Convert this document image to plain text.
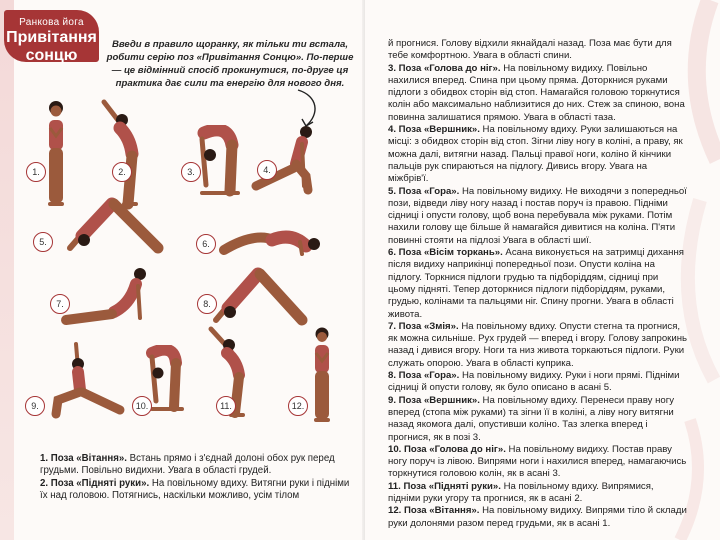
Ранкова йога
Привітання
сонцю
Введи в правило щоранку, як тільки ти встала, робити серію поз «Привітання Сонцю». По-перше — це відмінний спосіб прокинутися, по-друге ця практика дає сили та енергію для нового дня.
1.	2.	3.	4.
5.	6.
7.	8.
9.	10.	11.	12.

1. Поза «Вітання». Встань прямо і з'єднай долоні обох рук перед грудьми. Повільно видихни. Увага в області грудей.

2. Поза «Підняті руки». На повільному вдиху. Витягни руки і підніми їх над головою. Потягнись, наскільки можливо, усім тілом

й прогнися. Голову відхили якнайдалі назад. Поза має бути для тебе комфортною. Увага в області спини.

3. Поза «Голова до ніг». На повільному видиху. Повільно нахилися вперед. Спина при цьому пряма. Доторкнися руками підлоги з обидвох сторін від стоп. Намагайся головою торкнутися колін або максимально наблизитися до них. Стеж за спиною, вона повинна залишатися прямою. Увага в області таза.

4. Поза «Вершник». На повільному вдиху. Руки залишаються на місці: з обидвох сторін від стоп. Зігни ліву ногу в коліні, а праву, як можна далі, витягни назад. Пальці правої ноги, коліно й кінчики пальців рук спираються на підлогу. Дивись вгору. Увага на міжбрів'ї.

5. Поза «Гора». На повільному видиху. Не виходячи з попередньої пози, відведи ліву ногу назад і постав поруч із правою. Підніми сідниці і опусти голову, щоб вона перебувала між руками. Потім нахили голову ще більше й намагайся дивитися на коліна. П'яти повинні стояти на підлозі Увага в області шиї.

6. Поза «Вісім торкань». Асана виконується на затримці дихання після видиху наприкінці попередньої пози. Опусти коліна на підлогу. Торкнися підлоги грудью та підборіддям, сідниці при цьому підняті. Тепер доторкнися підлоги підборіддям, руками, грудью, колінами та пальцями ніг. Спину прогни. Увага в області живота.

7. Поза «Змія». На повільному вдиху. Опусти стегна та прогнися, як можна сильніше. Рух грудей — вперед і вгору. Голову запрокинь назад і дивися вгору. Ноги та низ живота торкаються підлоги. Руки служать опорою. Увага в області куприка.

8. Поза «Гора». На повільному видиху. Руки і ноги прямі. Підніми сідниці й опусти голову, як було описано в асані 5.

9. Поза «Вершник». На повільному вдиху. Перенеси праву ногу вперед (стопа між руками) та зігни її в коліні, а ліву ногу витягни назад якомога далі, опустивши коліно. Таз злегка вперед і прогнися, як в позі 3.

10. Поза «Голова до ніг». На повільному видиху. Постав праву ногу поруч із лівою. Випрями ноги і нахилися вперед, намагаючись торкнутися головою колін, як в асані 3.

11. Поза «Підняті руки». На повільному вдиху. Випрямися, підніми руки угору та прогнися, як в асані 2.

12. Поза «Вітання». На повільному видиху. Випрями тіло й склади руки долонями разом перед грудьми, як в асані 1.
